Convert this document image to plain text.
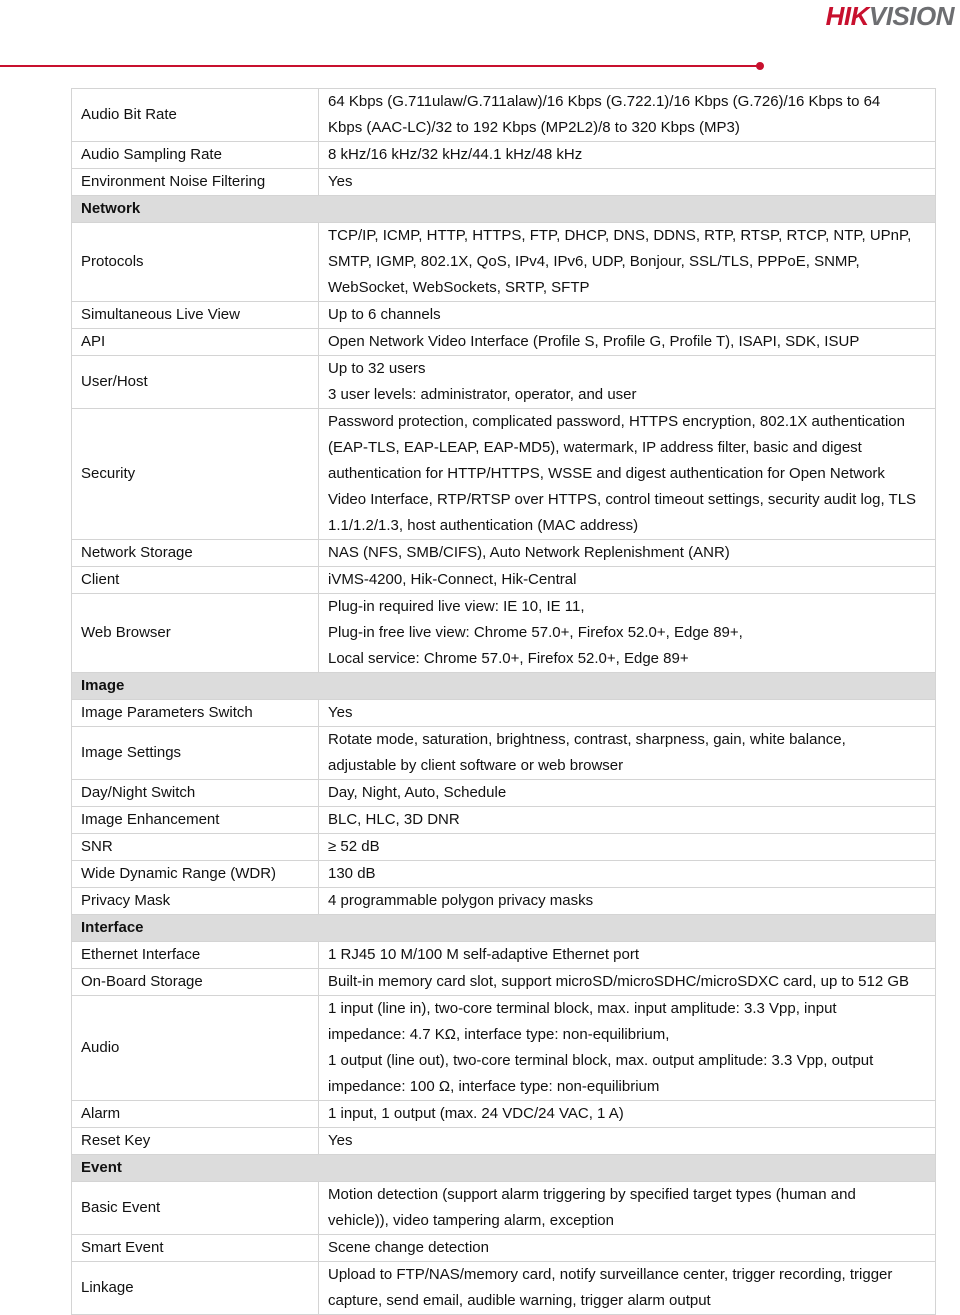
HIKVISION
Audio Bit Rate	64 Kbps (G.711ulaw/G.711alaw)/16 Kbps (G.722.1)/16 Kbps (G.726)/16 Kbps to 64
Kbps (AAC-LC)/32 to 192 Kbps (MP2L2)/8 to 320 Kbps (MP3)

Audio Sampling Rate	8 kHz/16 kHz/32 kHz/44.1 kHz/48 kHz

Environment Noise Filtering	Yes

Network	
Protocols	TCP/IP, ICMP, HTTP, HTTPS, FTP, DHCP, DNS, DDNS, RTP, RTSP, RTCP, NTP, UPnP,
SMTP, IGMP, 802.1X, QoS, IPv4, IPv6, UDP, Bonjour, SSL/TLS, PPPoE, SNMP,
WebSocket, WebSockets, SRTP, SFTP

Simultaneous Live View	Up to 6 channels

API	Open Network Video Interface (Profile S, Profile G, Profile T), ISAPI, SDK, ISUP

User/Host	Up to 32 users
3 user levels: administrator, operator, and user

Security	Password protection, complicated password, HTTPS encryption, 802.1X authentication
(EAP-TLS, EAP-LEAP, EAP-MD5), watermark, IP address filter, basic and digest
authentication for HTTP/HTTPS, WSSE and digest authentication for Open Network
Video Interface, RTP/RTSP over HTTPS, control timeout settings, security audit log, TLS
1.1/1.2/1.3, host authentication (MAC address)

Network Storage	NAS (NFS, SMB/CIFS), Auto Network Replenishment (ANR)

Client	iVMS-4200, Hik-Connect, Hik-Central

Web Browser	Plug-in required live view: IE 10, IE 11,
Plug-in free live view: Chrome 57.0+, Firefox 52.0+, Edge 89+,
Local service: Chrome 57.0+, Firefox 52.0+, Edge 89+

Image	
Image Parameters Switch	Yes

Image Settings	Rotate mode, saturation, brightness, contrast, sharpness, gain, white balance,
adjustable by client software or web browser

Day/Night Switch	Day, Night, Auto, Schedule

Image Enhancement	BLC, HLC, 3D DNR

SNR	≥ 52 dB

Wide Dynamic Range (WDR)	130 dB

Privacy Mask	4 programmable polygon privacy masks

Interface	
Ethernet Interface	1 RJ45 10 M/100 M self-adaptive Ethernet port

On-Board Storage	Built-in memory card slot, support microSD/microSDHC/microSDXC card, up to 512 GB

Audio	1 input (line in), two-core terminal block, max. input amplitude: 3.3 Vpp, input
impedance: 4.7 KΩ, interface type: non-equilibrium,
1 output (line out), two-core terminal block, max. output amplitude: 3.3 Vpp, output
impedance: 100 Ω, interface type: non-equilibrium

Alarm	1 input, 1 output (max. 24 VDC/24 VAC, 1 A)

Reset Key	Yes

Event	
Basic Event	Motion detection (support alarm triggering by specified target types (human and
vehicle)), video tampering alarm, exception

Smart Event	Scene change detection

Linkage	Upload to FTP/NAS/memory card, notify surveillance center, trigger recording, trigger
capture, send email, audible warning, trigger alarm output
